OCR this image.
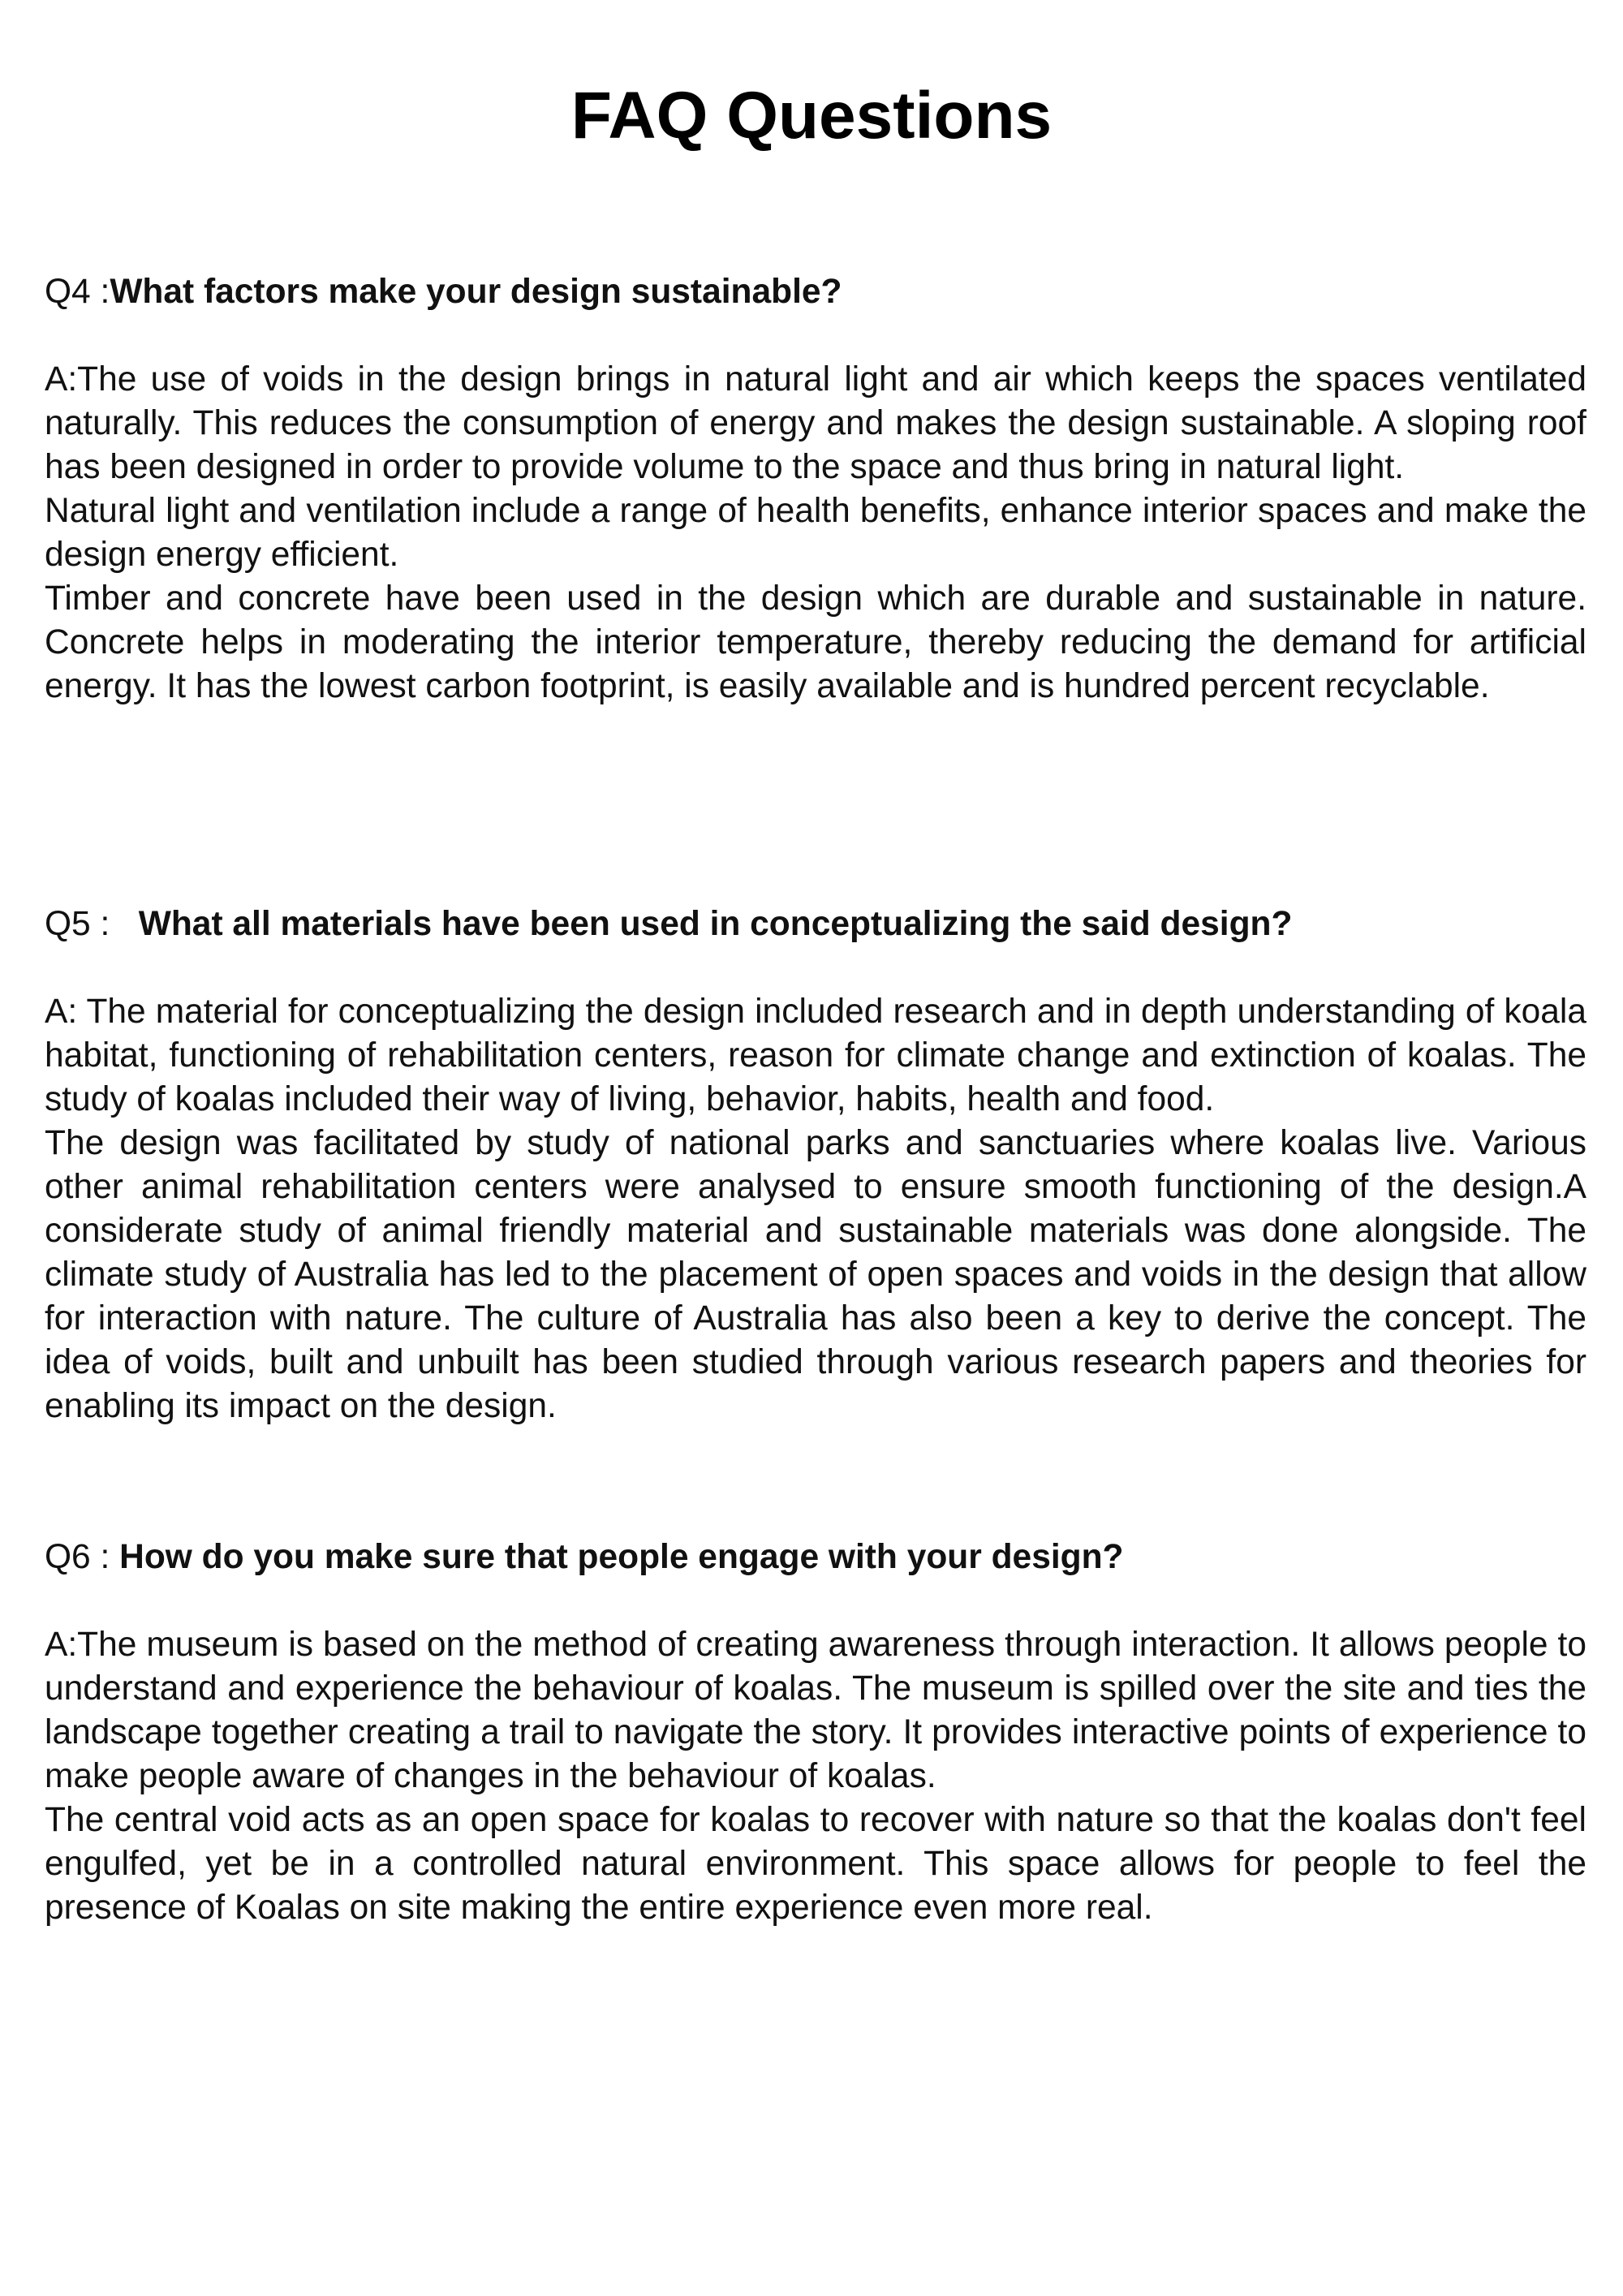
FAQ Questions

Q4 :What factors make your design sustainable?

A:The use of voids in the design brings in natural light and air which keeps the spaces ventilated naturally. This reduces the consumption of energy and makes the design sustainable. A sloping roof has been designed in order to provide volume to the space and thus bring in natural light.

Natural light and ventilation include a range of health benefits, enhance interior spaces and make the design energy efficient.

Timber and concrete have been used in the design which are durable and sustainable in nature. Concrete helps in moderating the interior temperature, thereby reducing the demand for artificial energy. It has the lowest carbon footprint, is easily available and is hundred percent recyclable.

Q5 :   What all materials have been used in conceptualizing the said design?

A: The material for conceptualizing the design included research and in depth understanding of koala habitat, functioning of rehabilitation centers, reason for climate change and extinction of koalas. The study of koalas included their way of living, behavior, habits, health and food.

The design was facilitated by study of national parks and sanctuaries where koalas live. Various other animal rehabilitation centers were analysed to ensure smooth functioning of the design.A considerate study of animal friendly material and sustainable materials was done alongside. The climate study of Australia has led to the placement of open spaces and voids in the design that allow for interaction with nature. The culture of Australia has also been a key to derive the concept. The idea of voids, built and unbuilt has been studied through various research papers and theories for enabling its impact on the design.

Q6 : How do you make sure that people engage with your design?

A:The museum is based on the method of creating awareness through interaction. It allows people to understand and experience the behaviour of koalas. The museum is spilled over the site and ties the landscape together creating a trail to navigate the story. It provides interactive points of experience to make people aware of changes in the behaviour of koalas.

The central void acts as an open space for koalas to recover with nature so that the koalas don't feel engulfed, yet be in a controlled natural environment. This space allows for people to feel the presence of Koalas on site making the entire experience even more real.
